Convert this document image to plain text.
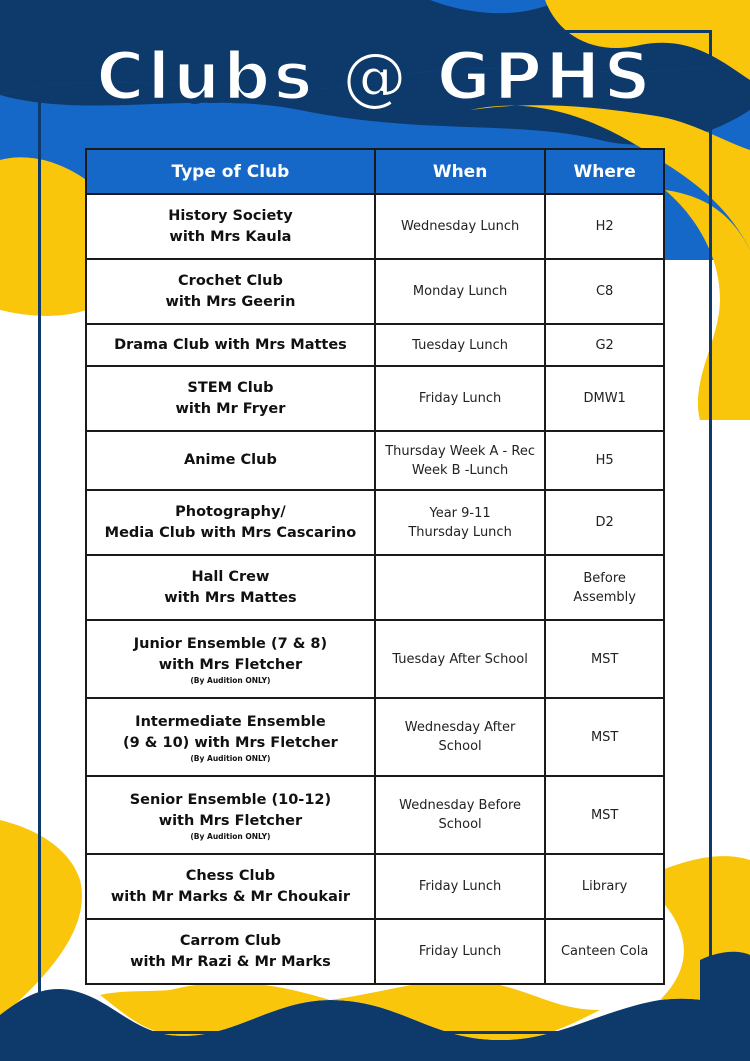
Clubs @ GPHS
Type of Club	When	Where

History Society
with Mrs Kaula	Wednesday Lunch	H2

Crochet Club
with Mrs Geerin	Monday Lunch	C8

Drama Club with Mrs Mattes	Tuesday Lunch	G2

STEM Club
with Mr Fryer	Friday Lunch	DMW1

Anime Club	Thursday Week A - Rec
Week B -Lunch	H5

Photography/
Media Club with Mrs Cascarino	Year 9-11
Thursday Lunch	D2

Hall Crew
with Mrs Mattes		Before
Assembly

Junior Ensemble (7 & 8)
with Mrs Fletcher
(By Audition ONLY)	Tuesday After School	MST

Intermediate Ensemble
(9 & 10) with Mrs Fletcher
(By Audition ONLY)	Wednesday After
School	MST

Senior Ensemble (10-12)
with Mrs Fletcher
(By Audition ONLY)	Wednesday Before
School	MST

Chess Club
with Mr Marks & Mr Choukair	Friday Lunch	Library

Carrom Club
with Mr Razi & Mr Marks	Friday Lunch	Canteen Cola
